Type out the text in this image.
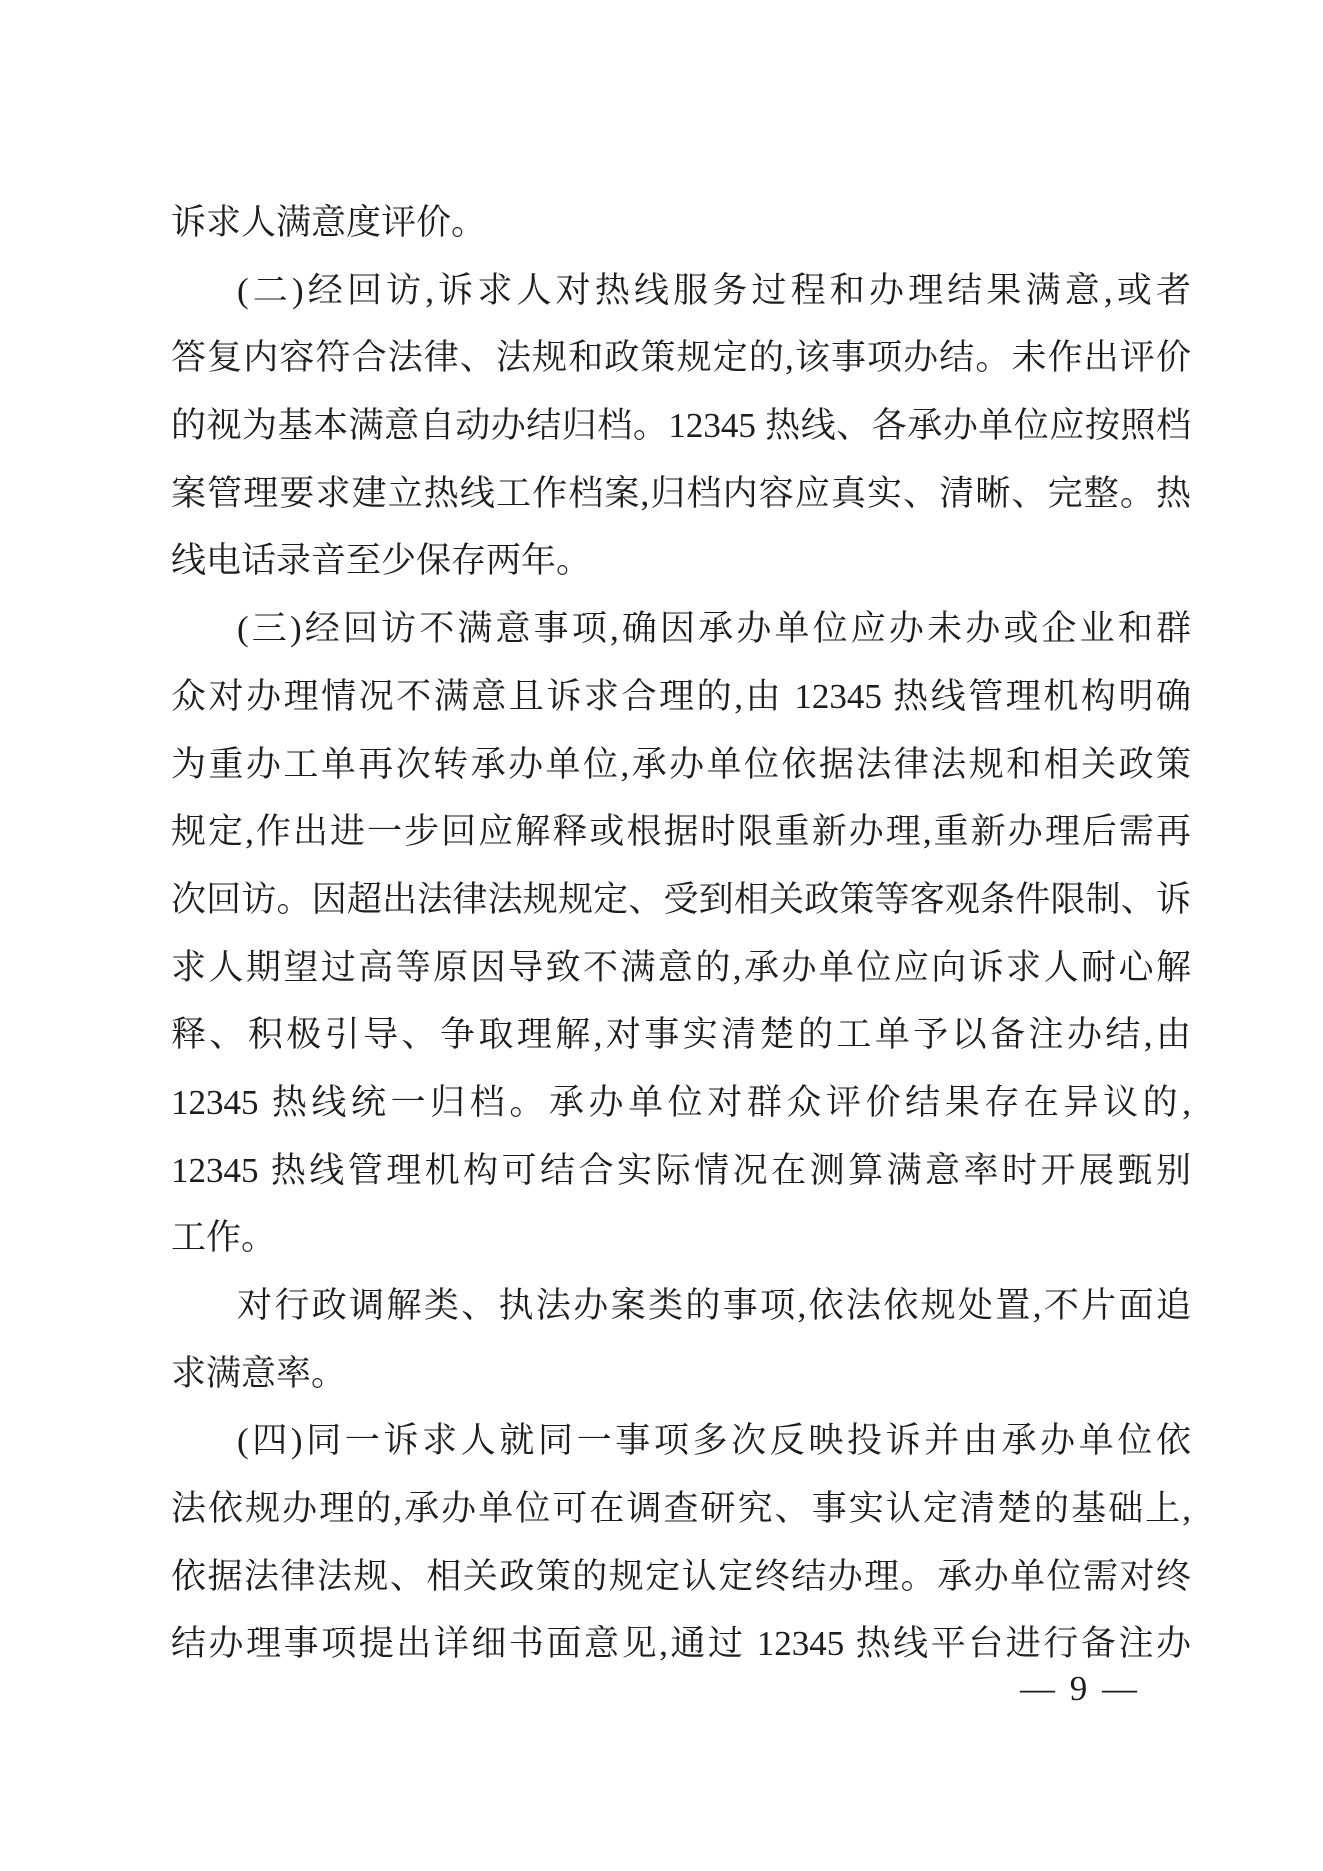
诉求人满意度评价。
(二)经回访,诉求人对热线服务过程和办理结果满意,或者
答复内容符合法律、法规和政策规定的,该事项办结。未作出评价
的视为基本满意自动办结归档。12345 热线、各承办单位应按照档
案管理要求建立热线工作档案,归档内容应真实、清晰、完整。热
线电话录音至少保存两年。
(三)经回访不满意事项,确因承办单位应办未办或企业和群
众对办理情况不满意且诉求合理的,由 12345 热线管理机构明确
为重办工单再次转承办单位,承办单位依据法律法规和相关政策
规定,作出进一步回应解释或根据时限重新办理,重新办理后需再
次回访。因超出法律法规规定、受到相关政策等客观条件限制、诉
求人期望过高等原因导致不满意的,承办单位应向诉求人耐心解
释、积极引导、争取理解,对事实清楚的工单予以备注办结,由
12345 热线统一归档。承办单位对群众评价结果存在异议的,
12345 热线管理机构可结合实际情况在测算满意率时开展甄别
工作。
对行政调解类、执法办案类的事项,依法依规处置,不片面追
求满意率。
(四)同一诉求人就同一事项多次反映投诉并由承办单位依
法依规办理的,承办单位可在调查研究、事实认定清楚的基础上,
依据法律法规、相关政策的规定认定终结办理。承办单位需对终
结办理事项提出详细书面意见,通过 12345 热线平台进行备注办
— 9 —
